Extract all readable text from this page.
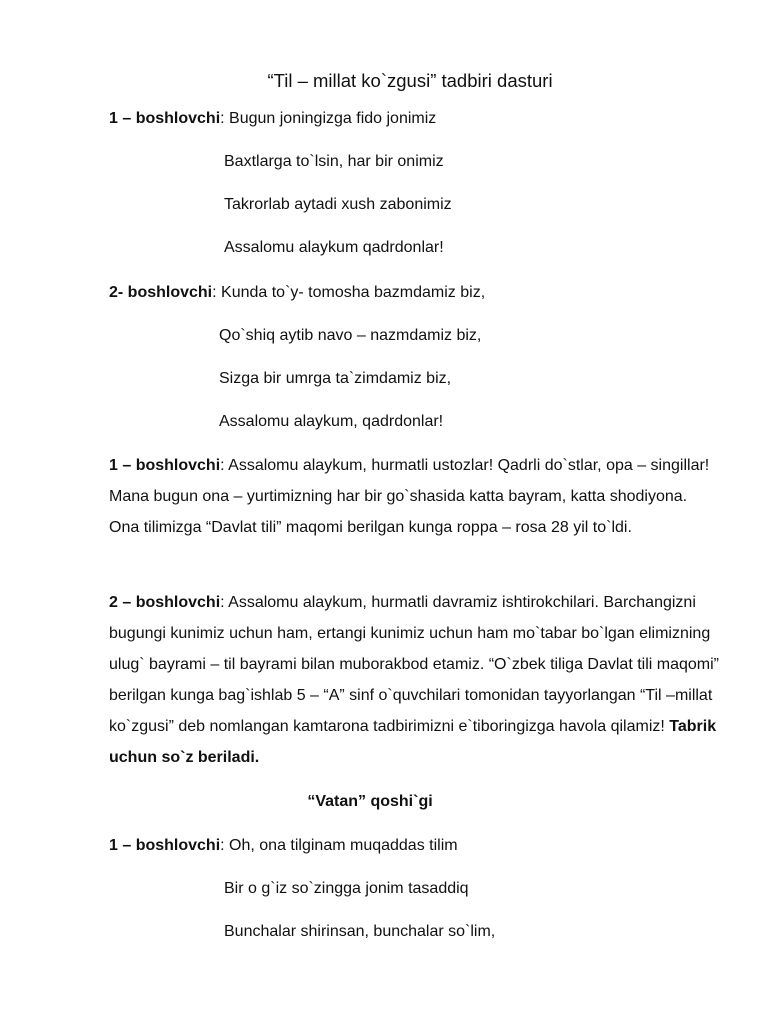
“Til – millat ko`zgusi” tadbiri dasturi
1 – boshlovchi: Bugun joningizga fido jonimiz
Baxtlarga to`lsin, har bir onimiz
Takrorlab aytadi xush zabonimiz
Assalomu alaykum qadrdonlar!
2- boshlovchi: Kunda to`y- tomosha bazmdamiz biz,
Qo`shiq aytib navo – nazmdamiz biz,
Sizga bir umrga ta`zimdamiz biz,
Assalomu alaykum, qadrdonlar!
1 – boshlovchi: Assalomu alaykum, hurmatli ustozlar! Qadrli do`stlar, opa – singillar! Mana bugun ona – yurtimizning har bir go`shasida katta bayram, katta shodiyona. Ona tilimizga “Davlat tili” maqomi berilgan kunga roppa – rosa 28 yil to`ldi.
2 – boshlovchi: Assalomu alaykum, hurmatli davramiz ishtirokchilari. Barchangizni bugungi kunimiz uchun ham, ertangi kunimiz uchun ham mo`tabar bo`lgan elimizning ulug` bayrami – til bayrami bilan muborakbod etamiz. “O`zbek tiliga Davlat tili maqomi” berilgan kunga bag`ishlab 5 – “A” sinf o`quvchilari tomonidan tayyorlangan “Til –millat ko`zgusi” deb nomlangan kamtarona tadbirimizni e`tiboringizga havola qilamiz! Tabrik uchun so`z beriladi.
“Vatan” qoshi`gi
1 – boshlovchi: Oh, ona tilginam muqaddas tilim
Bir o g`iz so`zingga jonim tasaddiq
Bunchalar shirinsan, bunchalar so`lim,
